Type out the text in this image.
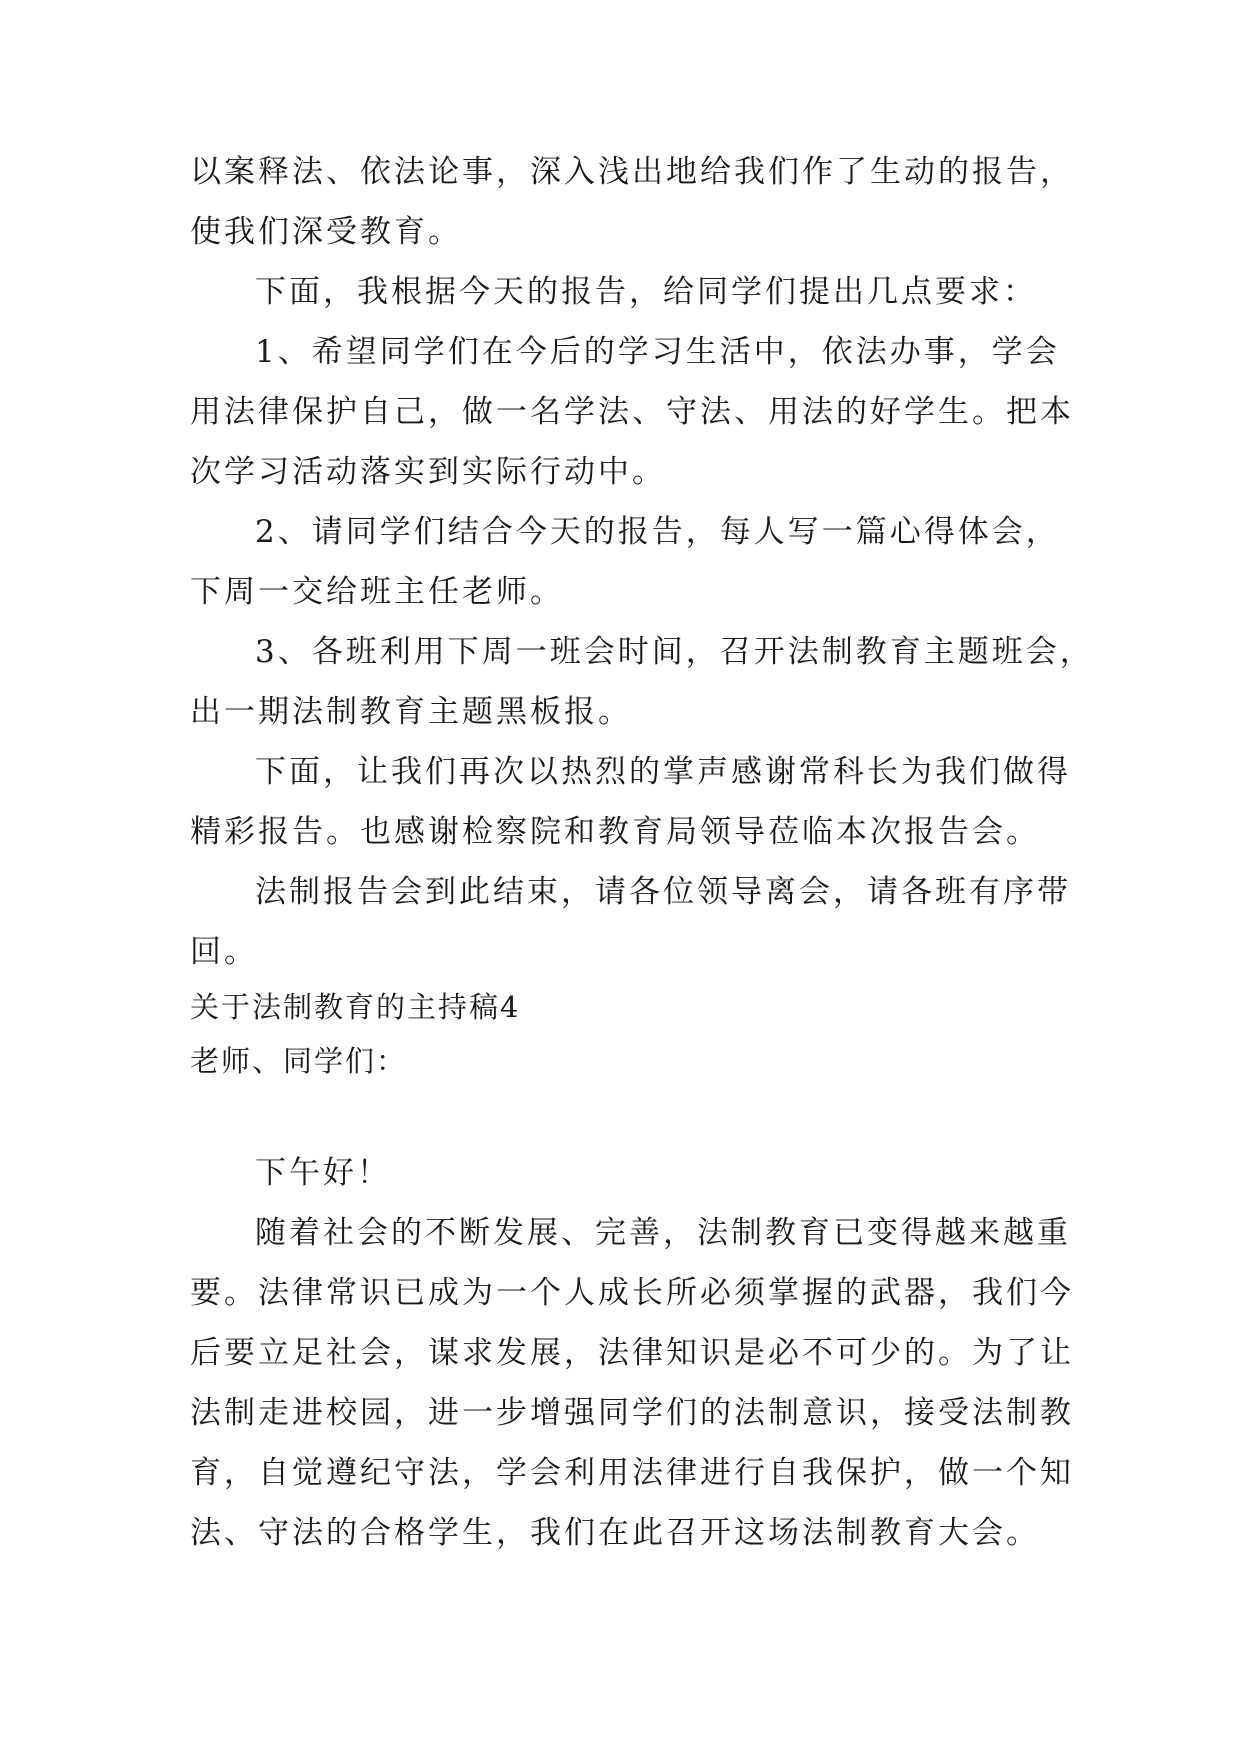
以案释法、依法论事，深入浅出地给我们作了生动的报告，
使我们深受教育。
下面，我根据今天的报告，给同学们提出几点要求：
1、希望同学们在今后的学习生活中，依法办事，学会
用法律保护自己，做一名学法、守法、用法的好学生。把本
次学习活动落实到实际行动中。
2、请同学们结合今天的报告，每人写一篇心得体会，
下周一交给班主任老师。
3、各班利用下周一班会时间，召开法制教育主题班会，
出一期法制教育主题黑板报。
下面，让我们再次以热烈的掌声感谢常科长为我们做得
精彩报告。也感谢检察院和教育局领导莅临本次报告会。
法制报告会到此结束，请各位领导离会，请各班有序带
回。
关于法制教育的主持稿4
老师、同学们：
下午好！
随着社会的不断发展、完善，法制教育已变得越来越重
要。法律常识已成为一个人成长所必须掌握的武器，我们今
后要立足社会，谋求发展，法律知识是必不可少的。为了让
法制走进校园，进一步增强同学们的法制意识，接受法制教
育，自觉遵纪守法，学会利用法律进行自我保护，做一个知
法、守法的合格学生，我们在此召开这场法制教育大会。
